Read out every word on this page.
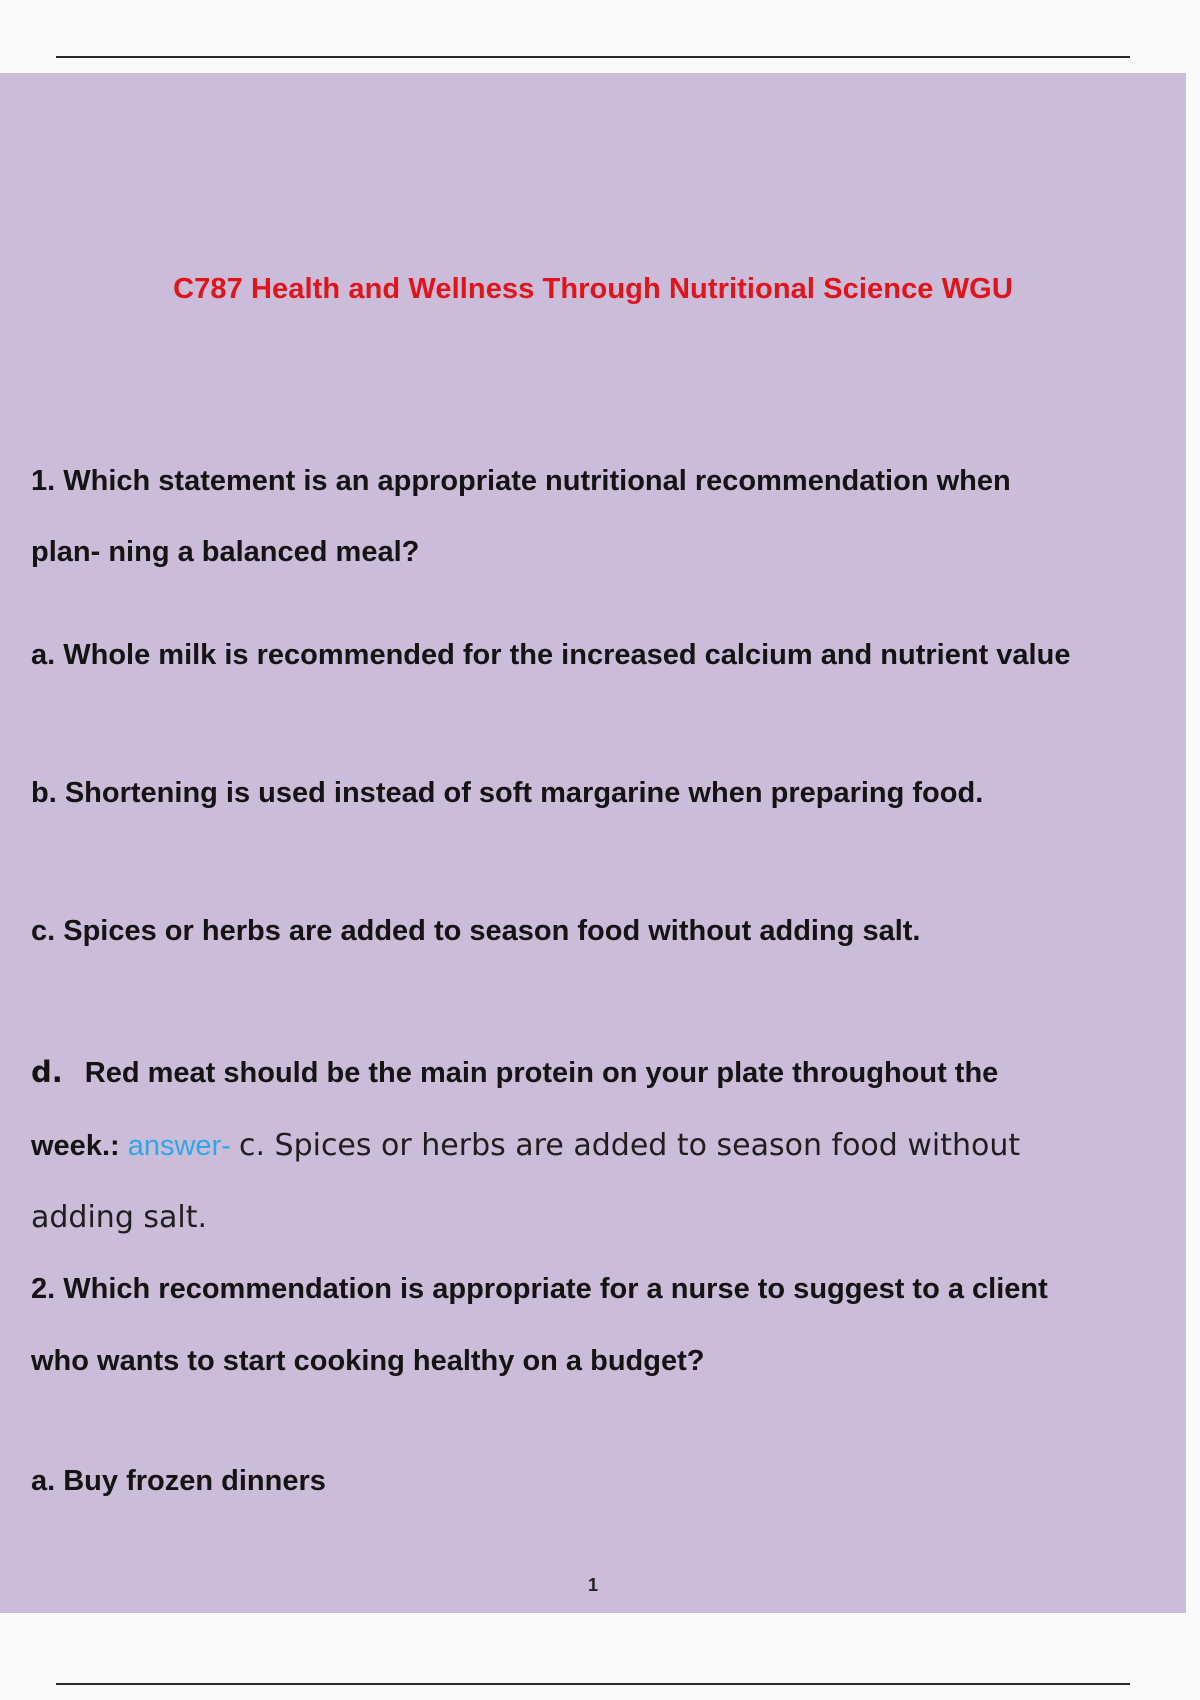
C787 Health and Wellness Through Nutritional Science WGU
1. Which statement is an appropriate nutritional recommendation when
plan- ning a balanced meal?
a. Whole milk is recommended for the increased calcium and nutrient value
b. Shortening is used instead of soft margarine when preparing food.
c. Spices or herbs are added to season food without adding salt.
d. Red meat should be the main protein on your plate throughout the
week.: answer- c. Spices or herbs are added to season food without
adding salt.
2. Which recommendation is appropriate for a nurse to suggest to a client
who wants to start cooking healthy on a budget?
a. Buy frozen dinners
1
